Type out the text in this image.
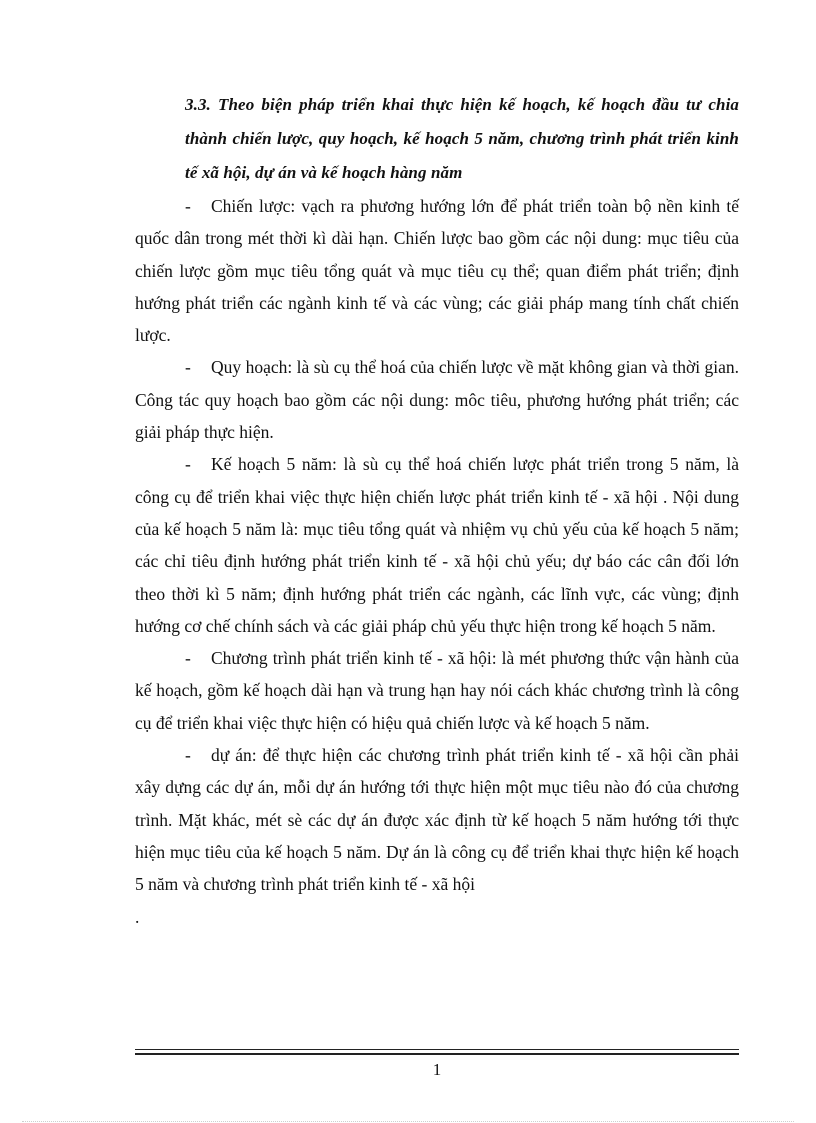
3.3. Theo biện pháp triển khai thực hiện kế hoạch, kế hoạch đầu tư chia thành chiến lược, quy hoạch, kế hoạch 5 năm, chương trình phát triển kinh tế xã hội, dự án và kế hoạch hàng năm

- Chiến lược: vạch ra phương hướng lớn để phát triển toàn bộ nền kinh tế quốc dân trong mét thời kì dài hạn. Chiến lược bao gồm các nội dung: mục tiêu của chiến lược gồm mục tiêu tổng quát và mục tiêu cụ thể; quan điểm phát triển; định hướng phát triển các ngành kinh tế và các vùng; các giải pháp mang tính chất chiến lược.

- Quy hoạch: là sù cụ thể hoá của chiến lược về mặt không gian và thời gian. Công tác quy hoạch bao gồm các nội dung: môc tiêu, phương hướng phát triển; các giải pháp thực hiện.

- Kế hoạch 5 năm: là sù cụ thể hoá chiến lược phát triển trong 5 năm, là công cụ để triển khai việc thực hiện chiến lược phát triển kinh tế - xã hội . Nội dung của kế hoạch 5 năm là: mục tiêu tổng quát và nhiệm vụ chủ yếu của kế hoạch 5 năm; các chỉ tiêu định hướng phát triển kinh tế - xã hội chủ yếu; dự báo các cân đối lớn theo thời kì 5 năm; định hướng phát triển các ngành, các lĩnh vực, các vùng; định hướng cơ chế chính sách và các giải pháp chủ yếu thực hiện trong kế hoạch 5 năm.

- Chương trình phát triển kinh tế - xã hội: là mét phương thức vận hành của kế hoạch, gồm kế hoạch dài hạn và trung hạn hay nói cách khác chương trình là công cụ để triển khai việc thực hiện có hiệu quả chiến lược và kế hoạch 5 năm.

- dự án: để thực hiện các chương trình phát triển kinh tế - xã hội cần phải xây dựng các dự án, mỗi dự án hướng tới thực hiện một mục tiêu nào đó của chương trình. Mặt khác, mét sè các dự án được xác định từ kế hoạch 5 năm hướng tới thực hiện mục tiêu của kế hoạch 5 năm. Dự án là công cụ để triển khai thực hiện kế hoạch 5 năm và chương trình phát triển kinh tế - xã hội

.

1
